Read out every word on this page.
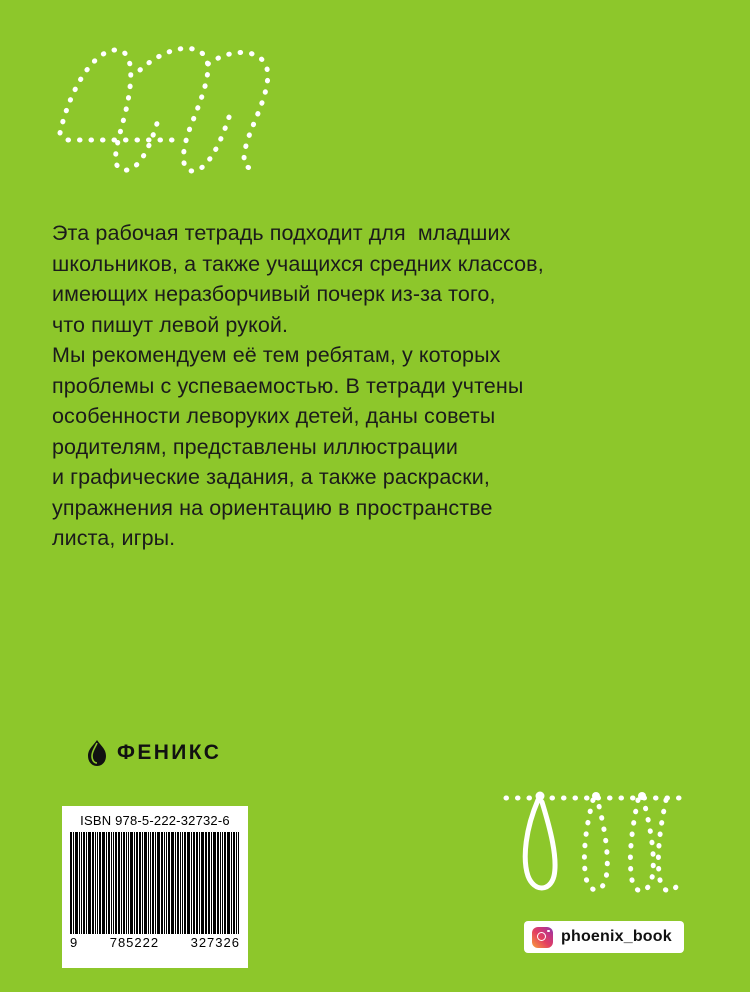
Эта рабочая тетрадь подходит для  младших

школьников, а также учащихся средних классов,

имеющих неразборчивый почерк из-за того,

что пишут левой рукой.

Мы рекомендуем её тем ребятам, у которых

проблемы с успеваемостью. В тетради учтены

особенности леворуких детей, даны советы

родителям, представлены иллюстрации

и графические задания, а также раскраски,

упражнения на ориентацию в пространстве

листа, игры.

ФЕНИКС
ISBN 978-5-222-32732-6
9 785222 327326	phoenix_book
